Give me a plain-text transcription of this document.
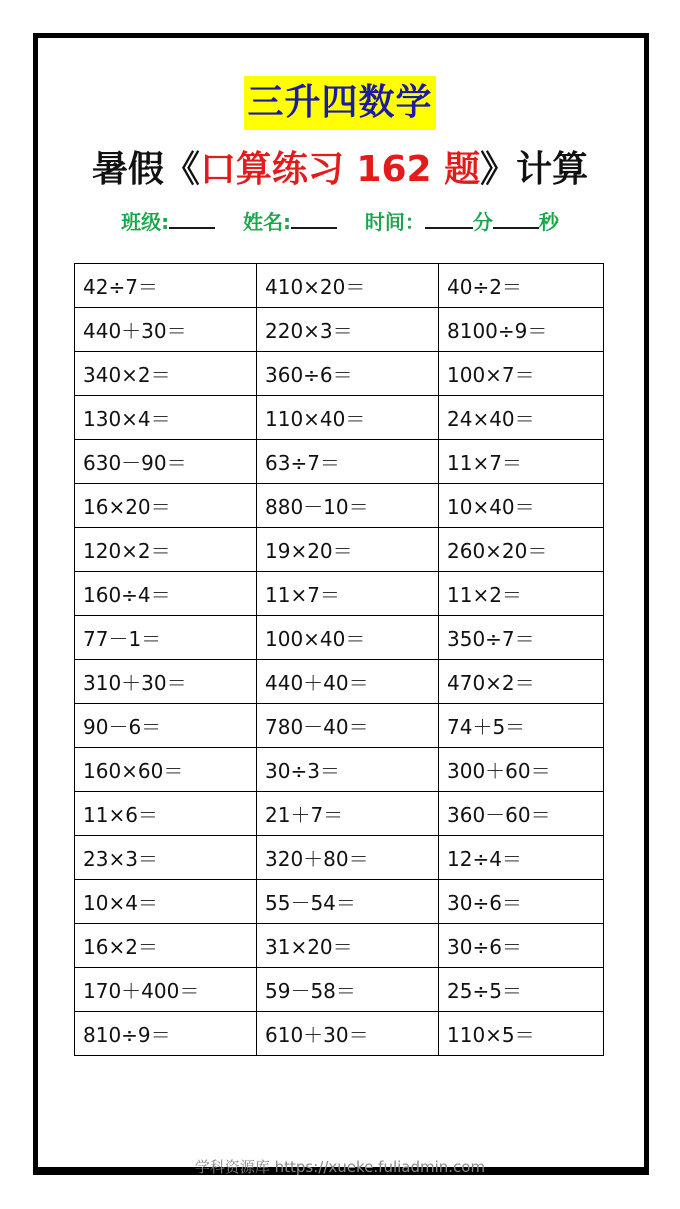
三升四数学
暑假《口算练习 162 题》计算
班级:	姓名:	时间： 分 秒
42÷7＝	410×20＝	40÷2＝
440＋30＝	220×3＝	8100÷9＝
340×2＝	360÷6＝	100×7＝
130×4＝	110×40＝	24×40＝
630－90＝	63÷7＝	11×7＝
16×20＝	880－10＝	10×40＝
120×2＝	19×20＝	260×20＝
160÷4＝	11×7＝	11×2＝
77－1＝	100×40＝	350÷7＝
310＋30＝	440＋40＝	470×2＝
90－6＝	780－40＝	74＋5＝
160×60＝	30÷3＝	300＋60＝
11×6＝	21＋7＝	360－60＝
23×3＝	320＋80＝	12÷4＝
10×4＝	55－54＝	30÷6＝
16×2＝	31×20＝	30÷6＝
170＋400＝	59－58＝	25÷5＝
810÷9＝	610＋30＝	110×5＝
学科资源库 https://xueke.fuliadmin.com
